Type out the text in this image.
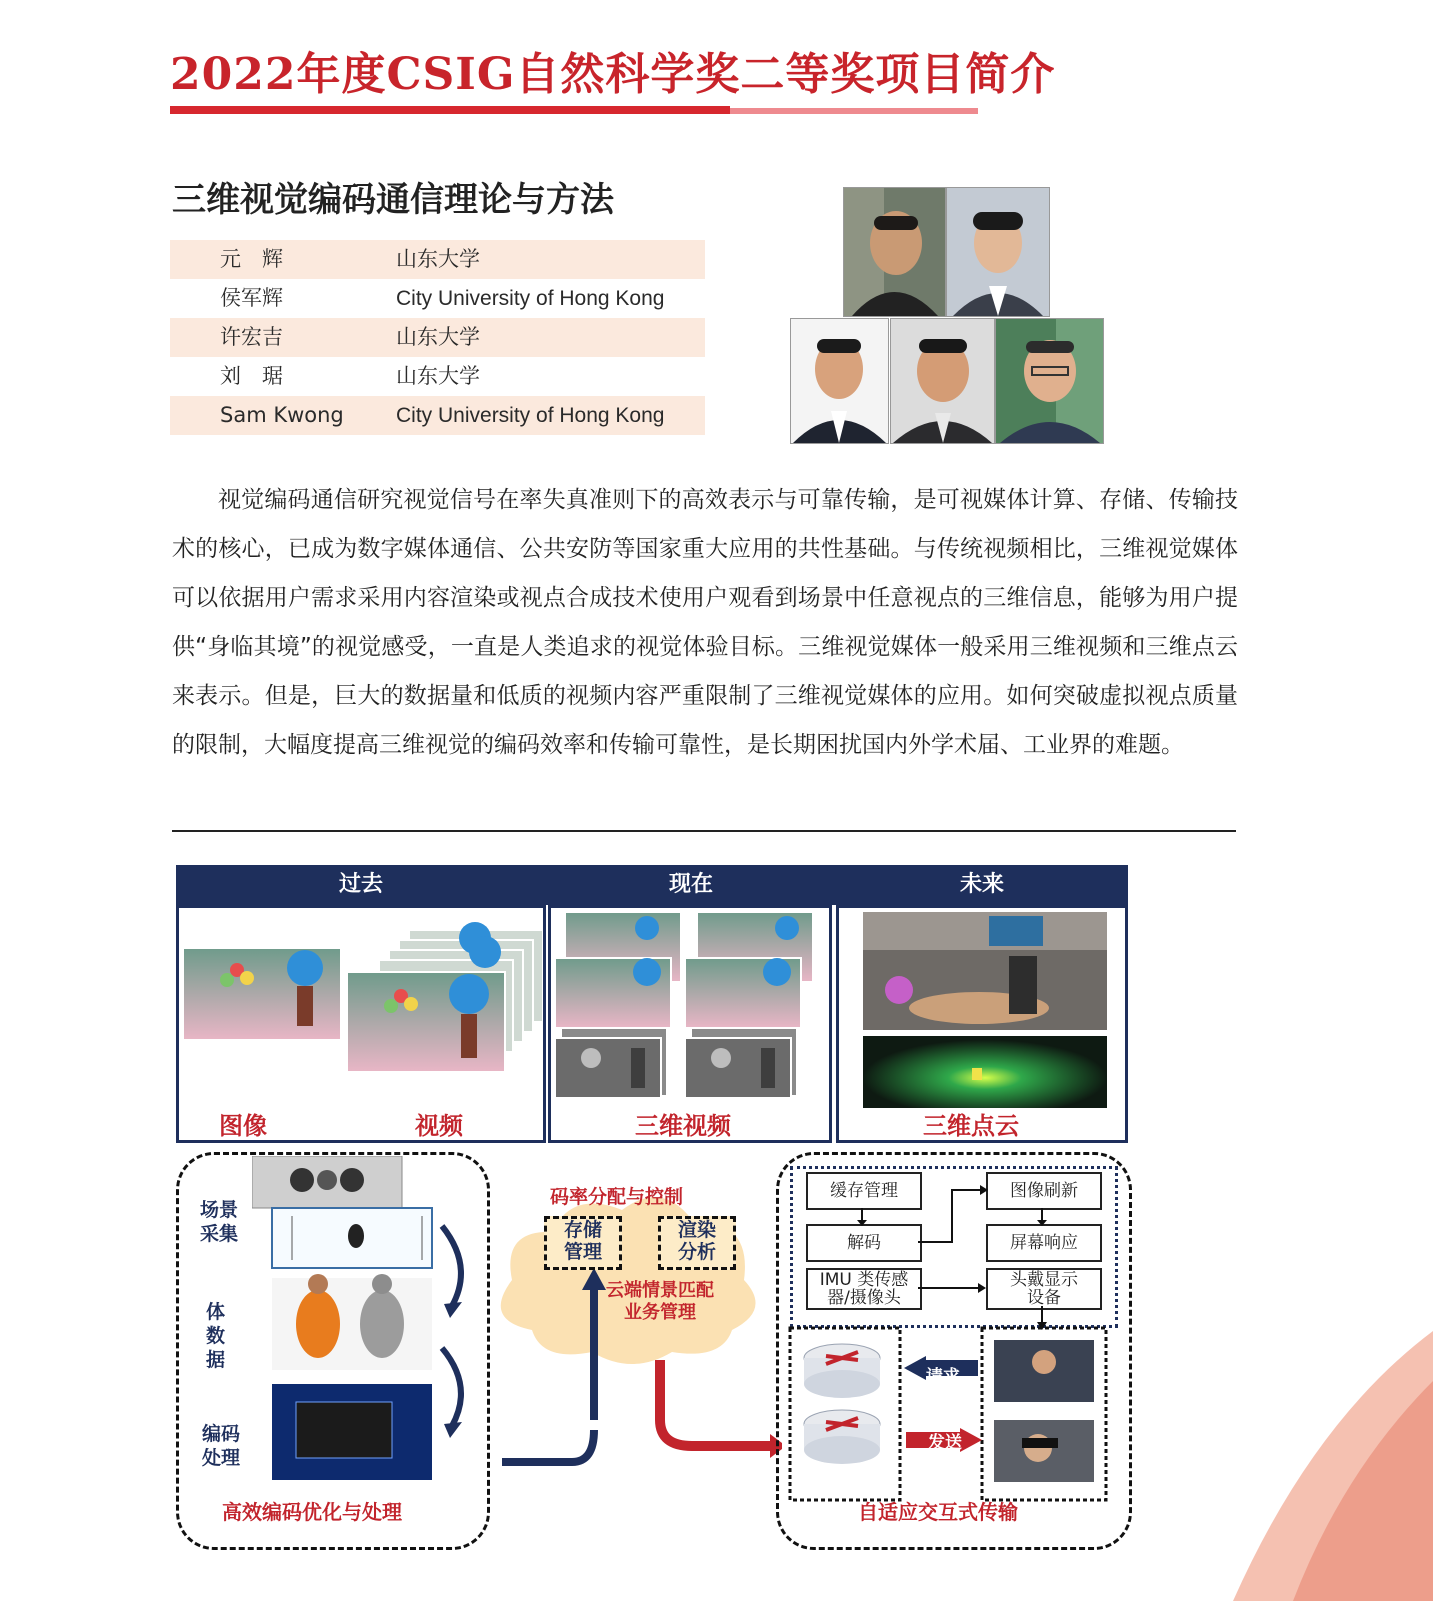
2022年度CSIG自然科学奖二等奖项目简介
三维视觉编码通信理论与方法
元　辉	山东大学
侯军辉	City University of Hong Kong
许宏吉	山东大学
刘　琚	山东大学
Sam Kwong City University of Hong Kong
视觉编码通信研究视觉信号在率失真准则下的高效表示与可靠传输，是可视媒体计算、存储、传输技术的核心，已成为数字媒体通信、公共安防等国家重大应用的共性基础。与传统视频相比，三维视觉媒体可以依据用户需求采用内容渲染或视点合成技术使用户观看到场景中任意视点的三维信息，能够为用户提供“身临其境”的视觉感受，一直是人类追求的视觉体验目标。三维视觉媒体一般采用三维视频和三维点云来表示。但是，巨大的数据量和低质的视频内容严重限制了三维视觉媒体的应用。如何突破虚拟视点质量的限制，大幅度提高三维视觉的编码效率和传输可靠性，是长期困扰国内外学术届、工业界的难题。
过去	现在	未来
图像	视频	三维视频	三维点云
场景
采集
体
数
据
编码
处理
高效编码优化与处理
码率分配与控制
存储
管理
渲染
分析
云端情景匹配
业务管理
缓存管理	图像刷新
解码	屏幕响应
IMU 类传感
器/摄像头
头戴显示
设备
请求
发送
自适应交互式传输
